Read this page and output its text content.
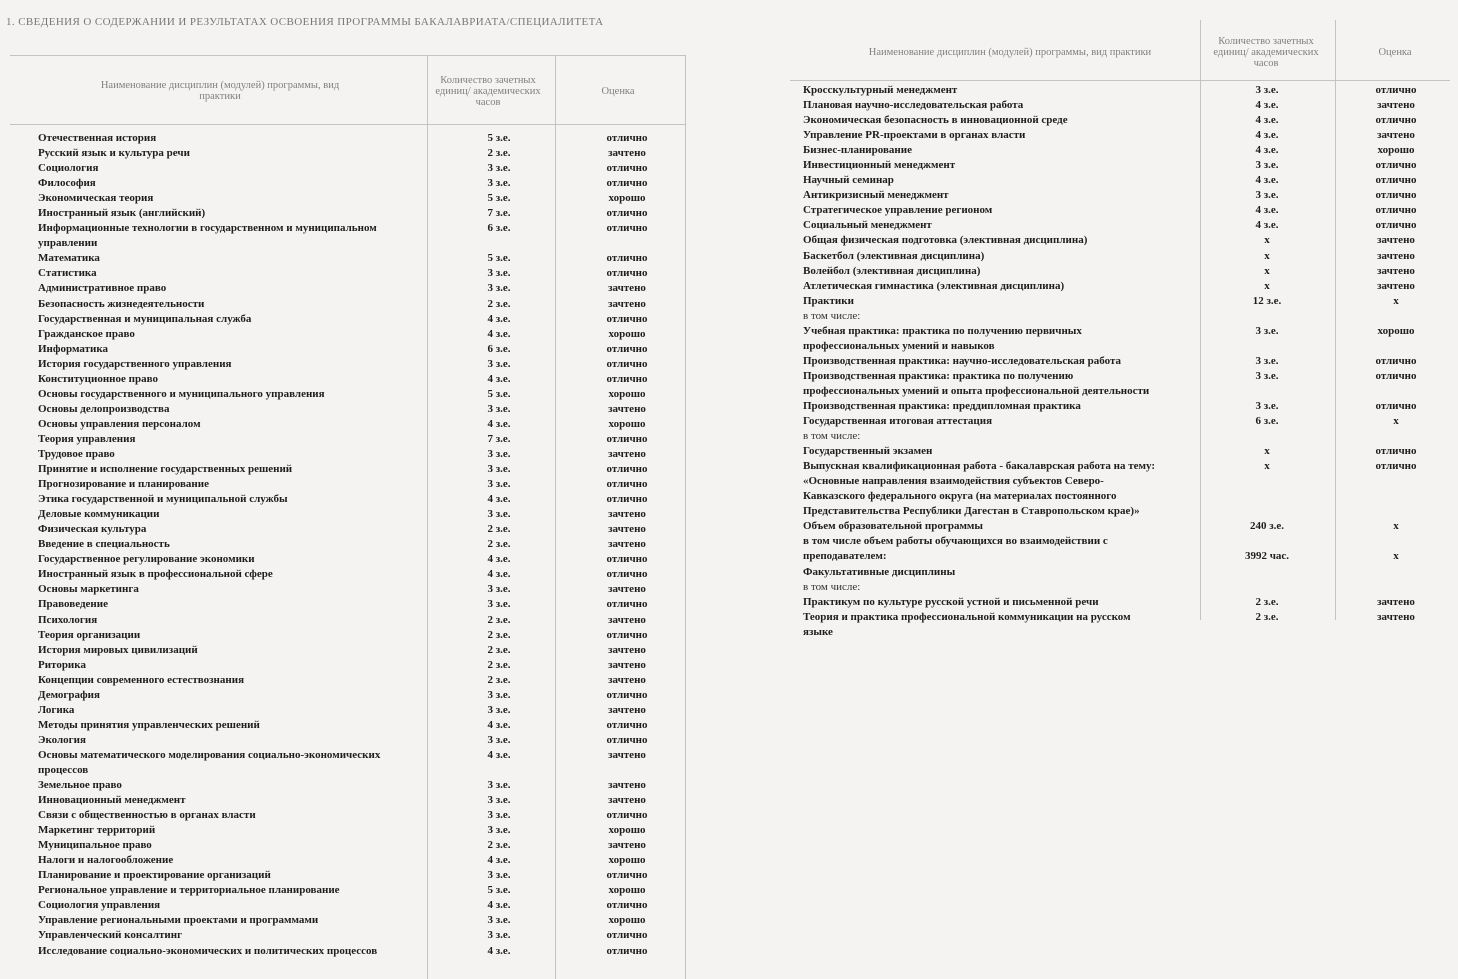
1. СВЕДЕНИЯ О СОДЕРЖАНИИ И РЕЗУЛЬТАТАХ ОСВОЕНИЯ ПРОГРАММЫ БАКАЛАВРИАТА/СПЕЦИАЛИТЕТА
Наименование дисциплин (модулей) программы, вид практики
Количество зачетных единиц/ академических часов
Оценка
Отечественная история	5 з.е.	отлично
Русский язык и культура речи	2 з.е.	зачтено
Социология	3 з.е.	отлично
Философия	3 з.е.	отлично
Экономическая теория	5 з.е.	хорошо
Иностранный язык (английский)	7 з.е.	отлично
Информационные технологии в государственном и муниципальном	6 з.е.	отлично
управлении
Математика	5 з.е.	отлично
Статистика	3 з.е.	отлично
Административное право	3 з.е.	зачтено
Безопасность жизнедеятельности	2 з.е.	зачтено
Государственная и муниципальная служба	4 з.е.	отлично
Гражданское право	4 з.е.	хорошо
Информатика	6 з.е.	отлично
История государственного управления	3 з.е.	отлично
Конституционное право	4 з.е.	отлично
Основы государственного и муниципального управления	5 з.е.	хорошо
Основы делопроизводства	3 з.е.	зачтено
Основы управления персоналом	4 з.е.	хорошо
Теория управления	7 з.е.	отлично
Трудовое право	3 з.е.	зачтено
Принятие и исполнение государственных решений	3 з.е.	отлично
Прогнозирование и планирование	3 з.е.	отлично
Этика государственной и муниципальной службы	4 з.е.	отлично
Деловые коммуникации	3 з.е.	зачтено
Физическая культура	2 з.е.	зачтено
Введение в специальность	2 з.е.	зачтено
Государственное регулирование экономики	4 з.е.	отлично
Иностранный язык в профессиональной сфере	4 з.е.	отлично
Основы маркетинга	3 з.е.	зачтено
Правоведение	3 з.е.	отлично
Психология	2 з.е.	зачтено
Теория организации	2 з.е.	отлично
История мировых цивилизаций	2 з.е.	зачтено
Риторика	2 з.е.	зачтено
Концепции современного естествознания	2 з.е.	зачтено
Демография	3 з.е.	отлично
Логика	3 з.е.	зачтено
Методы принятия управленческих решений	4 з.е.	отлично
Экология	3 з.е.	отлично
Основы математического моделирования социально-экономических	4 з.е.	зачтено
процессов
Земельное право	3 з.е.	зачтено
Инновационный менеджмент	3 з.е.	зачтено
Связи с общественностью в органах власти	3 з.е.	отлично
Маркетинг территорий	3 з.е.	хорошо
Муниципальное право	2 з.е.	зачтено
Налоги и налогообложение	4 з.е.	хорошо
Планирование и проектирование организаций	3 з.е.	отлично
Региональное управление и территориальное планирование	5 з.е.	хорошо
Социология управления	4 з.е.	отлично
Управление региональными проектами и программами	3 з.е.	хорошо
Управленческий консалтинг	3 з.е.	отлично
Исследование социально-экономических и политических процессов	4 з.е.	отлично
Наименование дисциплин (модулей) программы, вид практики
Количество зачетных единиц/ академических часов
Оценка
Кросскультурный менеджмент	3 з.е.	отлично
Плановая научно-исследовательская работа	4 з.е.	зачтено
Экономическая безопасность в инновационной среде	4 з.е.	отлично
Управление PR-проектами в органах власти	4 з.е.	зачтено
Бизнес-планирование	4 з.е.	хорошо
Инвестиционный менеджмент	3 з.е.	отлично
Научный семинар	4 з.е.	отлично
Антикризисный менеджмент	3 з.е.	отлично
Стратегическое управление регионом	4 з.е.	отлично
Социальный менеджмент	4 з.е.	отлично
Общая физическая подготовка (элективная дисциплина)	х	зачтено
Баскетбол (элективная дисциплина)	х	зачтено
Волейбол (элективная дисциплина)	х	зачтено
Атлетическая гимнастика (элективная дисциплина)	х	зачтено
Практики	12 з.е.	х
в том числе:
Учебная практика: практика по получению первичных	3 з.е.	хорошо
профессиональных умений и навыков
Производственная практика: научно-исследовательская работа	3 з.е.	отлично
Производственная практика: практика по получению	3 з.е.	отлично
профессиональных умений и опыта профессиональной деятельности
Производственная практика: преддипломная практика	3 з.е.	отлично
Государственная итоговая аттестация	6 з.е.	х
в том числе:
Государственный экзамен	х	отлично
Выпускная квалификационная работа - бакалаврская работа на тему:	х	отлично
«Основные направления взаимодействия субъектов Северо-
Кавказского федерального округа (на материалах постоянного
Представительства Республики Дагестан в Ставропольском крае)»
Объем образовательной программы	240 з.е.	х
в том числе объем работы обучающихся во взаимодействии с
преподавателем:	3992 час.	х
Факультативные дисциплины
в том числе:
Практикум по культуре русской устной и письменной речи	2 з.е.	зачтено
Теория и практика профессиональной коммуникации на русском	2 з.е.	зачтено
языке
